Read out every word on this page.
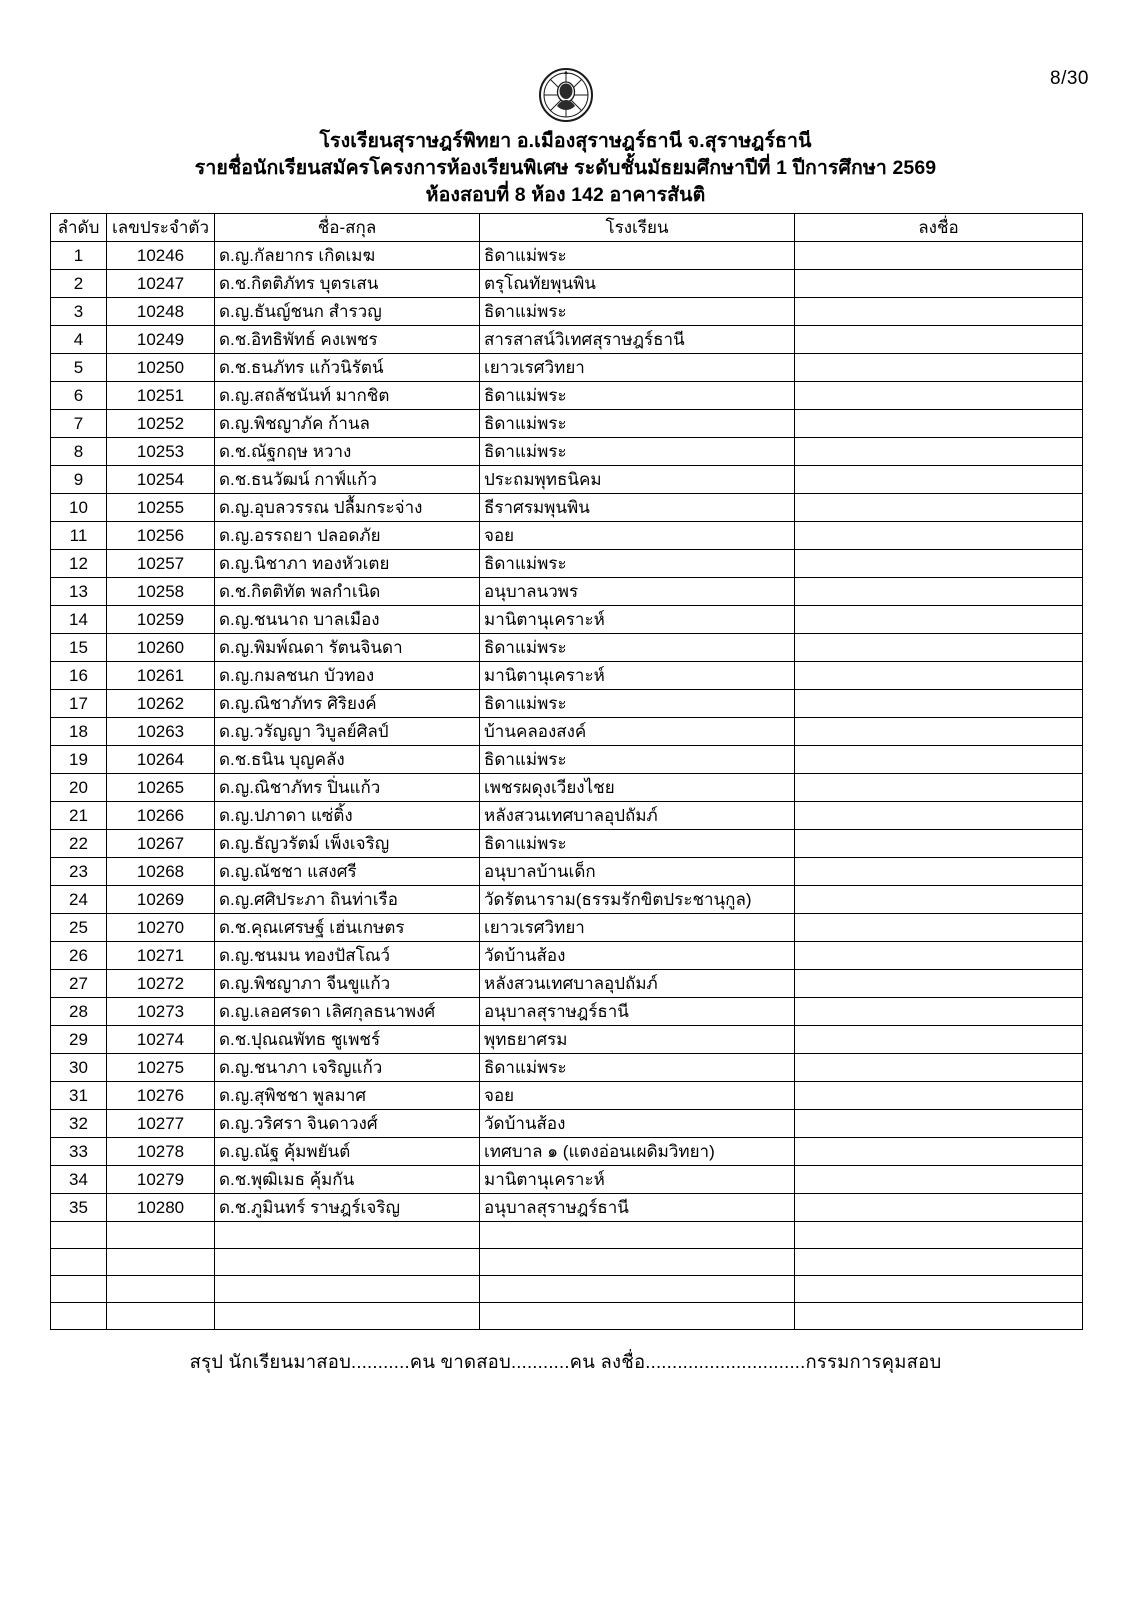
8/30
โรงเรียนสุราษฎร์พิทยา อ.เมืองสุราษฎร์ธานี จ.สุราษฎร์ธานี
รายชื่อนักเรียนสมัครโครงการห้องเรียนพิเศษ ระดับชั้นมัธยมศึกษาปีที่ 1 ปีการศึกษา 2569
ห้องสอบที่ 8 ห้อง 142 อาคารสันติ
ลำดับ	เลขประจำตัว	ชื่อ-สกุล	โรงเรียน	ลงชื่อ
1	10246	ด.ญ.กัลยากร เกิดเมฆ	ธิดาแม่พระ	
2	10247	ด.ช.กิตติภัทร บุตรเสน	ตรุโณทัยพุนพิน	
3	10248	ด.ญ.ธันญ์ชนก สำรวญ	ธิดาแม่พระ	
4	10249	ด.ช.อิทธิพัทธ์ คงเพชร	สารสาสน์วิเทศสุราษฎร์ธานี	
5	10250	ด.ช.ธนภัทร แก้วนิรัตน์	เยาวเรศวิทยา	
6	10251	ด.ญ.สถลัชนันท์ มากชิต	ธิดาแม่พระ	
7	10252	ด.ญ.พิชญาภัค ก้านล	ธิดาแม่พระ	
8	10253	ด.ช.ณัฐกฤษ หวาง	ธิดาแม่พระ	
9	10254	ด.ช.ธนวัฒน์ กาฟ์แก้ว	ประถมพุทธนิคม	
10	10255	ด.ญ.อุบลวรรณ ปลื้มกระจ่าง	ธีราศรมพุนพิน	
11	10256	ด.ญ.อรรถยา ปลอดภัย	จอย	
12	10257	ด.ญ.นิชาภา ทองหัวเตย	ธิดาแม่พระ	
13	10258	ด.ช.กิตติทัต พลกำเนิด	อนุบาลนวพร	
14	10259	ด.ญ.ชนนาถ บาลเมือง	มานิตานุเคราะห์	
15	10260	ด.ญ.พิมพ์ณดา รัตนจินดา	ธิดาแม่พระ	
16	10261	ด.ญ.กมลชนก บัวทอง	มานิตานุเคราะห์	
17	10262	ด.ญ.ณิชาภัทร ศิริยงค์	ธิดาแม่พระ	
18	10263	ด.ญ.วรัญญา วิบูลย์ศิลป์	บ้านคลองสงค์	
19	10264	ด.ช.ธนิน บุญคลัง	ธิดาแม่พระ	
20	10265	ด.ญ.ณิชาภัทร ปิ่นแก้ว	เพชรผดุงเวียงไชย	
21	10266	ด.ญ.ปภาดา แซ่ติ้ง	หลังสวนเทศบาลอุปถัมภ์	
22	10267	ด.ญ.ธัญวรัตม์ เพ็งเจริญ	ธิดาแม่พระ	
23	10268	ด.ญ.ณัชชา แสงศรี	อนุบาลบ้านเด็ก	
24	10269	ด.ญ.ศศิประภา ถินท่าเรือ	วัดรัตนาราม(ธรรมรักขิตประชานุกูล)	
25	10270	ด.ช.คุณเศรษฐ์ เฮ่นเกษตร	เยาวเรศวิทยา	
26	10271	ด.ญ.ชนมน ทองปัสโณว์	วัดบ้านส้อง	
27	10272	ด.ญ.พิชญาภา จีนขูแก้ว	หลังสวนเทศบาลอุปถัมภ์	
28	10273	ด.ญ.เลอศรดา เลิศกุลธนาพงศ์	อนุบาลสุราษฎร์ธานี	
29	10274	ด.ช.ปุณณพัทธ ชูเพชร์	พุทธยาศรม	
30	10275	ด.ญ.ชนาภา เจริญแก้ว	ธิดาแม่พระ	
31	10276	ด.ญ.สุพิชชา พูลมาศ	จอย	
32	10277	ด.ญ.วริศรา จินดาวงศ์	วัดบ้านส้อง	
33	10278	ด.ญ.ณัฐ คุ้มพยันต์	เทศบาล ๑ (แตงอ่อนเผดิมวิทยา)	
34	10279	ด.ช.พุฒิเมธ คุ้มกัน	มานิตานุเคราะห์	
35	10280	ด.ช.ภูมินทร์ ราษฎร์เจริญ	อนุบาลสุราษฎร์ธานี	

สรุป นักเรียนมาสอบ...........คน ขาดสอบ...........คน ลงชื่อ..............................กรรมการคุมสอบ
